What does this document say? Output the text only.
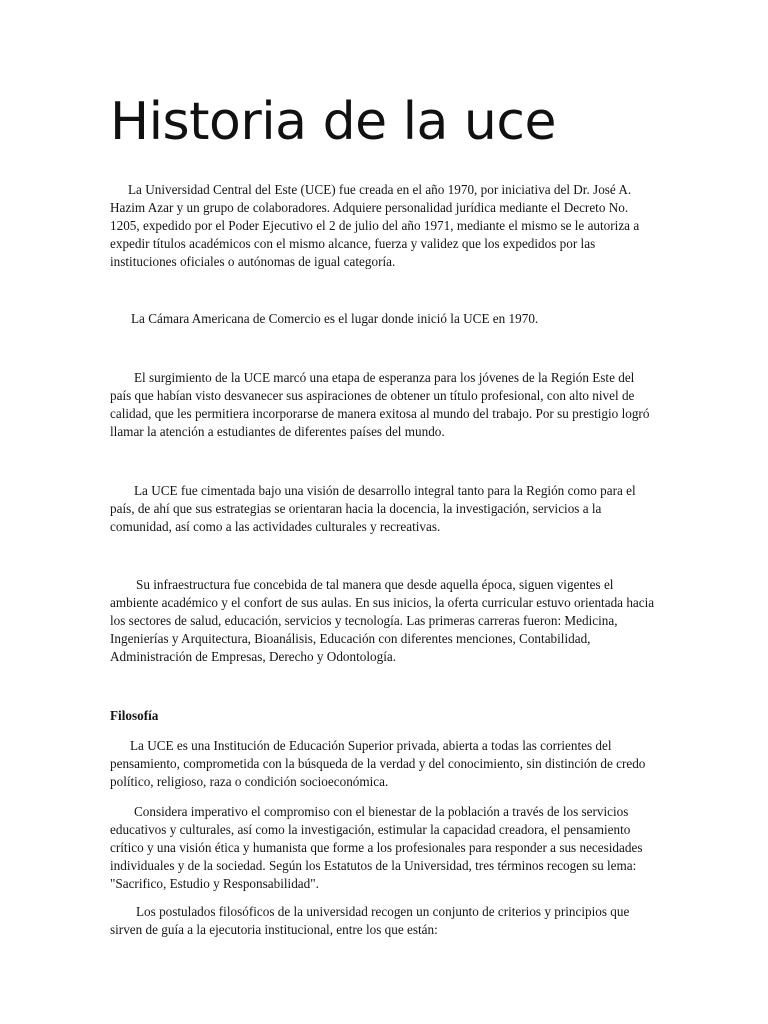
Historia de la uce

La Universidad Central del Este (UCE) fue creada en el año 1970, por iniciativa del Dr. José A. Hazim Azar y un grupo de colaboradores. Adquiere personalidad jurídica mediante el Decreto No. 1205, expedido por el Poder Ejecutivo el 2 de julio del año 1971, mediante el mismo se le autoriza a expedir títulos académicos con el mismo alcance, fuerza y validez que los expedidos por las instituciones oficiales o autónomas de igual categoría.

La Cámara Americana de Comercio es el lugar donde inició la UCE en 1970.

El surgimiento de la UCE marcó una etapa de esperanza para los jóvenes de la Región Este del país que habían visto desvanecer sus aspiraciones de obtener un título profesional, con alto nivel de calidad, que les permitiera incorporarse de manera exitosa al mundo del trabajo. Por su prestigio logró llamar la atención a estudiantes de diferentes países del mundo.

La UCE fue cimentada bajo una visión de desarrollo integral tanto para la Región como para el país, de ahí que sus estrategias se orientaran hacia la docencia, la investigación, servicios a la comunidad, así como a las actividades culturales y recreativas.

Su infraestructura fue concebida de tal manera que desde aquella época, siguen vigentes el ambiente académico y el confort de sus aulas. En sus inicios, la oferta curricular estuvo orientada hacia los sectores de salud, educación, servicios y tecnología. Las primeras carreras fueron: Medicina, Ingenierías y Arquitectura, Bioanálisis, Educación con diferentes menciones, Contabilidad, Administración de Empresas, Derecho y Odontología.

Filosofía

La UCE es una Institución de Educación Superior privada, abierta a todas las corrientes del pensamiento, comprometida con la búsqueda de la verdad y del conocimiento, sin distinción de credo político, religioso, raza o condición socioeconómica.

Considera imperativo el compromiso con el bienestar de la población a través de los servicios educativos y culturales, así como la investigación, estimular la capacidad creadora, el pensamiento crítico y una visión ética y humanista que forme a los profesionales para responder a sus necesidades individuales y de la sociedad. Según los Estatutos de la Universidad, tres términos recogen su lema: "Sacrifico, Estudio y Responsabilidad".

Los postulados filosóficos de la universidad recogen un conjunto de criterios y principios que sirven de guía a la ejecutoria institucional, entre los que están:
